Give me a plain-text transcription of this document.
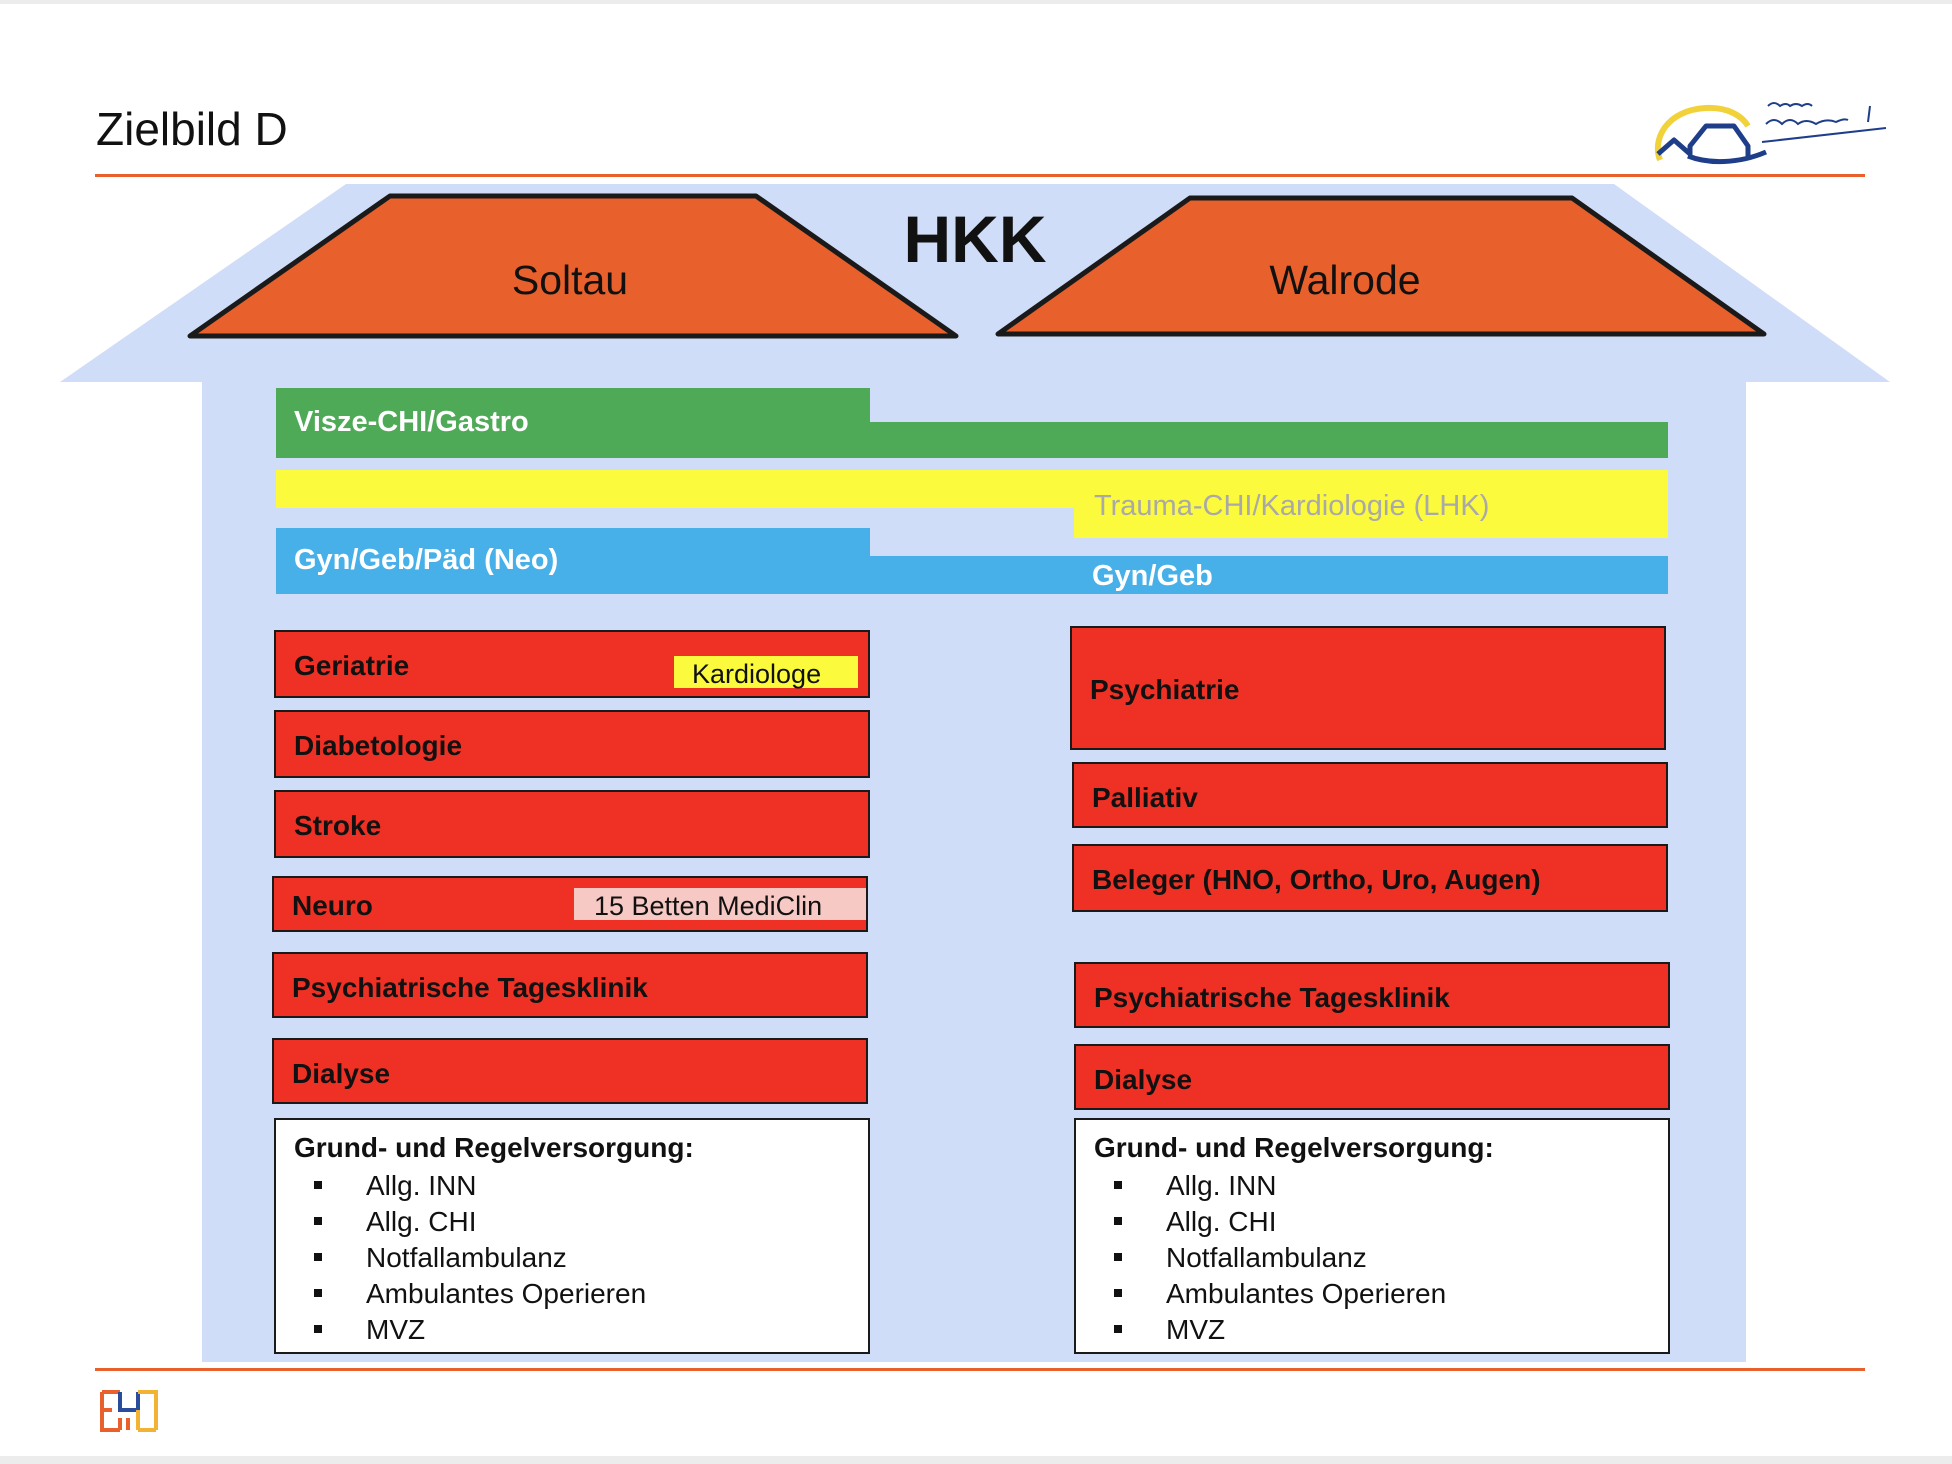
Zielbild D
Soltau	Walrode
HKK
Visze-CHI/Gastro
Trauma-CHI/Kardiologie (LHK)
Gyn/Geb/Päd (Neo)	Gyn/Geb
Geriatrie	Kardiologe
Diabetologie
Stroke
Neuro	15 Betten MediClin
Psychiatrische Tagesklinik
Dialyse
Grund- und Regelversorgung:
Allg. INN
Allg. CHI
Notfallambulanz
Ambulantes Operieren
MVZ
Psychiatrie
Palliativ
Beleger (HNO, Ortho, Uro, Augen)
Psychiatrische Tagesklinik
Dialyse
Grund- und Regelversorgung:
Allg. INN
Allg. CHI
Notfallambulanz
Ambulantes Operieren
MVZ
